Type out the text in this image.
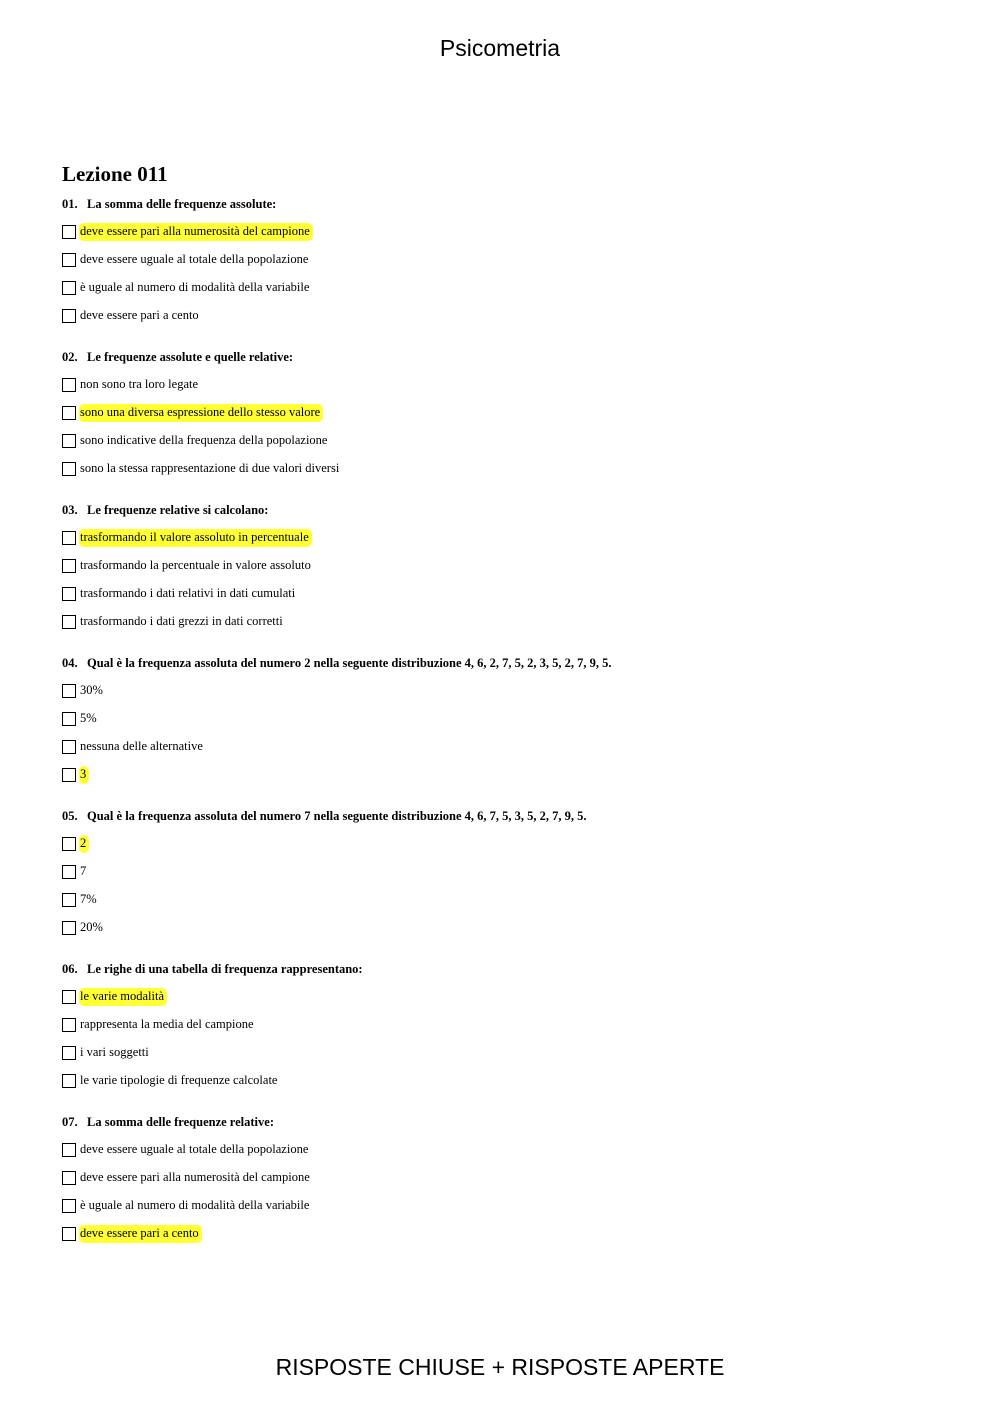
Psicometria
Lezione 011
01. La somma delle frequenze assolute:
deve essere pari alla numerosità del campione
deve essere uguale al totale della popolazione
è uguale al numero di modalità della variabile
deve essere pari a cento
02. Le frequenze assolute e quelle relative:
non sono tra loro legate
sono una diversa espressione dello stesso valore
sono indicative della frequenza della popolazione
sono la stessa rappresentazione di due valori diversi
03. Le frequenze relative si calcolano:
trasformando il valore assoluto in percentuale
trasformando la percentuale in valore assoluto
trasformando i dati relativi in dati cumulati
trasformando i dati grezzi in dati corretti
04. Qual è la frequenza assoluta del numero 2 nella seguente distribuzione 4, 6, 2, 7, 5, 2, 3, 5, 2, 7, 9, 5.
30%
5%
nessuna delle alternative
3
05. Qual è la frequenza assoluta del numero 7 nella seguente distribuzione 4, 6, 7, 5, 3, 5, 2, 7, 9, 5.
2
7
7%
20%
06. Le righe di una tabella di frequenza rappresentano:
le varie modalità
rappresenta la media del campione
i vari soggetti
le varie tipologie di frequenze calcolate
07. La somma delle frequenze relative:
deve essere uguale al totale della popolazione
deve essere pari alla numerosità del campione
è uguale al numero di modalità della variabile
deve essere pari a cento
RISPOSTE CHIUSE + RISPOSTE APERTE
